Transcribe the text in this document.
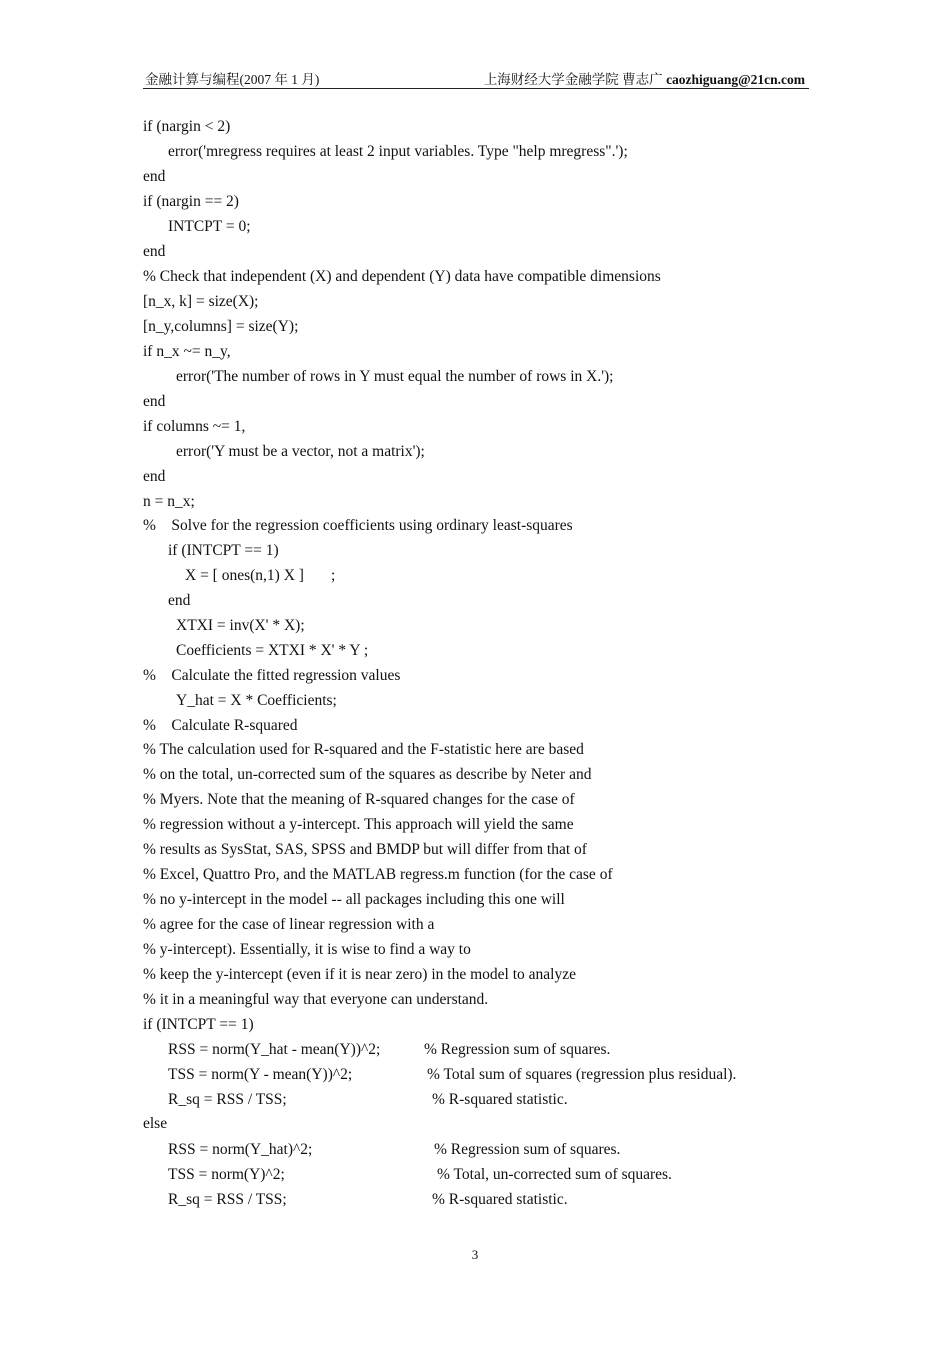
金融计算与编程(2007 年 1 月)	上海财经大学金融学院 曹志广 caozhiguang@21cn.com
if (nargin < 2)
error('mregress requires at least 2 input variables. Type "help mregress".');
end
if (nargin == 2)
INTCPT = 0;
end
% Check that independent (X) and dependent (Y) data have compatible dimensions
[n_x, k] = size(X);
[n_y,columns] = size(Y);
if n_x ~= n_y,
error('The number of rows in Y must equal the number of rows in X.');
end
if columns ~= 1,
error('Y must be a vector, not a matrix');
end
n = n_x;
%    Solve for the regression coefficients using ordinary least-squares
if (INTCPT == 1)
X = [ ones(n,1) X ]       ;
end
XTXI = inv(X' * X);
Coefficients = XTXI * X' * Y ;
%    Calculate the fitted regression values
Y_hat = X * Coefficients;
%    Calculate R-squared
% The calculation used for R-squared and the F-statistic here are based
% on the total, un-corrected sum of the squares as describe by Neter and
% Myers. Note that the meaning of R-squared changes for the case of
% regression without a y-intercept. This approach will yield the same
% results as SysStat, SAS, SPSS and BMDP but will differ from that of
% Excel, Quattro Pro, and the MATLAB regress.m function (for the case of
% no y-intercept in the model -- all packages including this one will
% agree for the case of linear regression with a
% y-intercept). Essentially, it is wise to find a way to
% keep the y-intercept (even if it is near zero) in the model to analyze
% it in a meaningful way that everyone can understand.
if (INTCPT == 1)
RSS = norm(Y_hat - mean(Y))^2;	% Regression sum of squares.
TSS = norm(Y - mean(Y))^2;	% Total sum of squares (regression plus residual).
R_sq = RSS / TSS;	% R-squared statistic.
else
RSS = norm(Y_hat)^2;	% Regression sum of squares.
TSS = norm(Y)^2;	% Total, un-corrected sum of squares.
R_sq = RSS / TSS;	% R-squared statistic.
3
